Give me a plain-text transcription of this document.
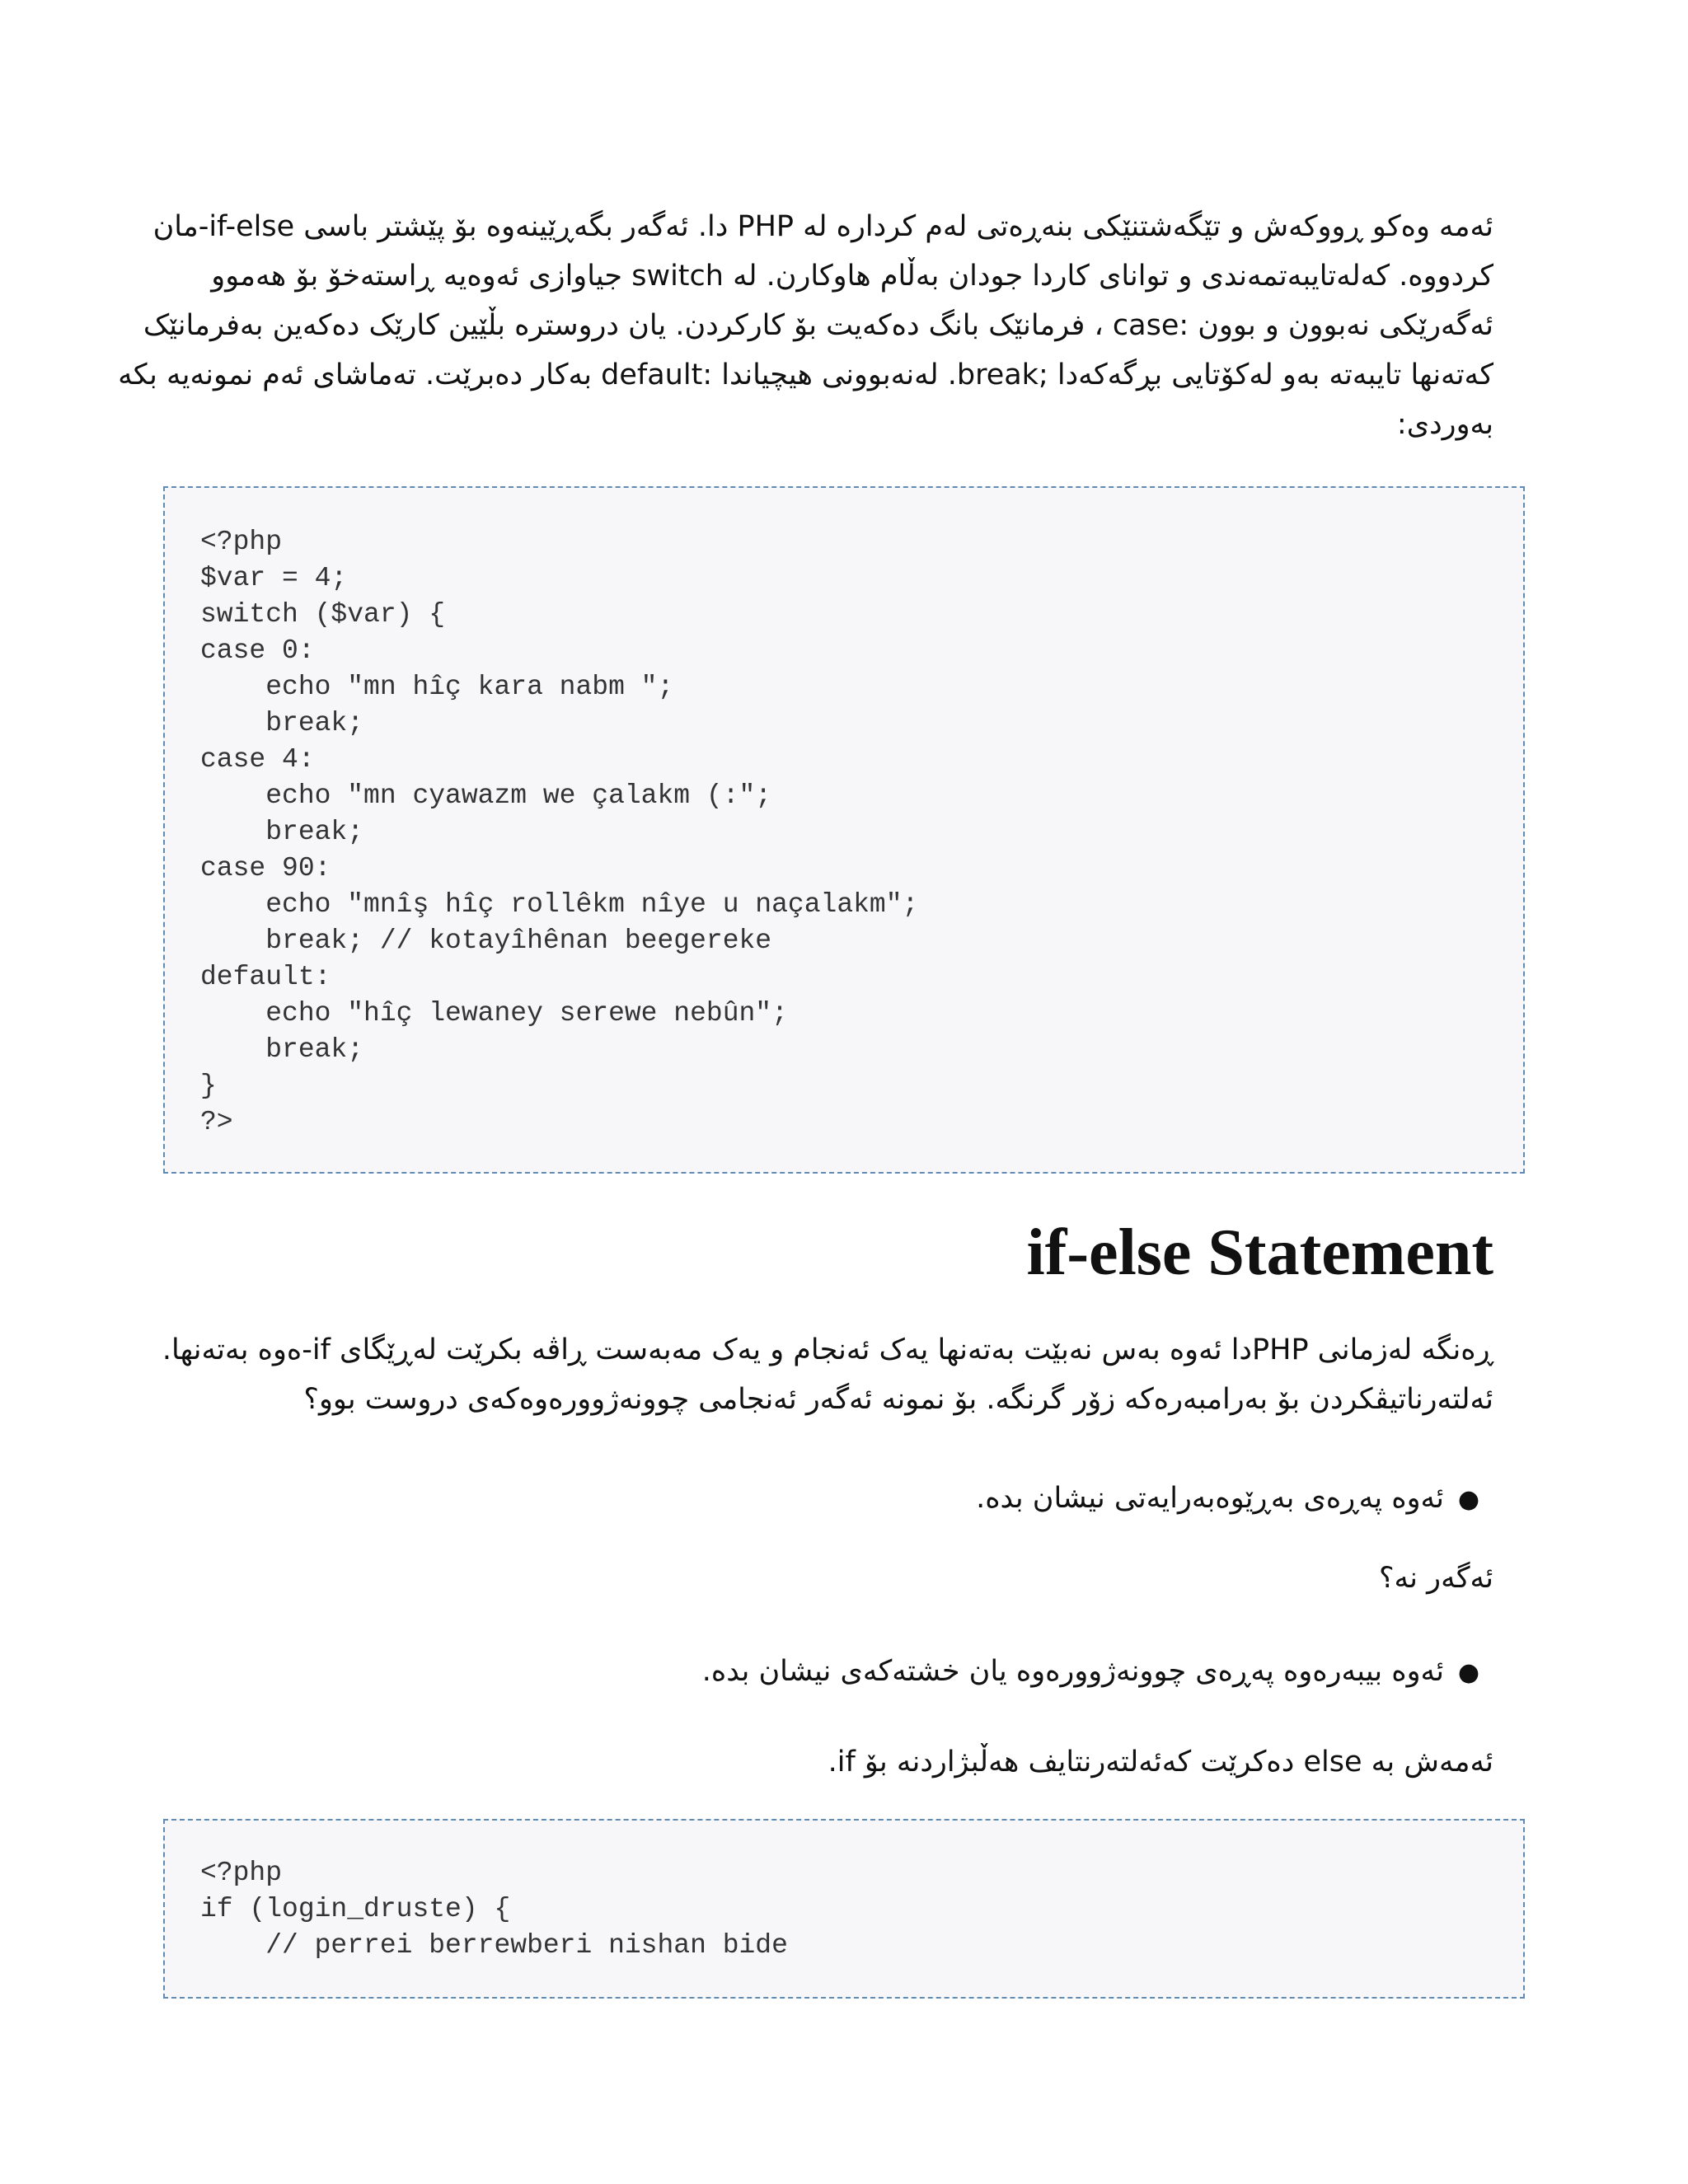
ئەمە وەکو ڕووکەش و تێگەشتنێکی بنەڕەتی لەم کردارە لە PHP دا. ئەگەر بگەڕێینەوە بۆ پێشتر باسی if-else-مان
کردووە. کەلەتایبەتمەندی و توانای کاردا جودان بەڵام هاوکارن. لە switch جیاوازی ئەوەیە ڕاستەخۆ بۆ هەموو
ئەگەرێکی نەبوون و بوون :case ، فرمانێک بانگ دەکەیت بۆ کارکردن. یان دروسترە بڵێین کارێک دەکەین بەفرمانێک
کەتەنها تایبەتە بەو لەکۆتایی بڕگەکەدا ;break. لەنەبوونی هیچیاندا :default بەکار دەبرێت. تەماشای ئەم نمونەیە بکە
بەوردی:
<?php
$var = 4;
switch ($var) {
case 0:
echo "mn hîç kara nabm ";
break;
case 4:
echo "mn cyawazm we çalakm (:";
break;
case 90:
echo "mnîş hîç rollêkm nîye u naçalakm";
break; // kotayîhênan beegereke
default:
echo "hîç lewaney serewe nebûn";
break;
}
?>
if-else Statement
ڕەنگە لەزمانی PHPدا ئەوە بەس نەبێت بەتەنها یەک ئەنجام و یەک مەبەست ڕاڤە بکرێت لەڕێگای if-ەوە بەتەنها.
ئەلتەرناتیڤکردن بۆ بەرامبەرەکە زۆر گرنگە. بۆ نمونە ئەگەر ئەنجامی چوونەژوورەوەکەی دروست بوو؟
●ئەوە پەڕەی بەڕێوەبەرایەتی نیشان بدە.
ئەگەر نە؟
●ئەوە بیبەرەوە پەڕەی چوونەژوورەوە یان خشتەکەی نیشان بدە.
ئەمەش بە else دەکرێت کەئەلتەرنتایف هەڵبژاردنە بۆ if.
<?php
if (login_druste) {
// perrei berrewberi nishan bide
